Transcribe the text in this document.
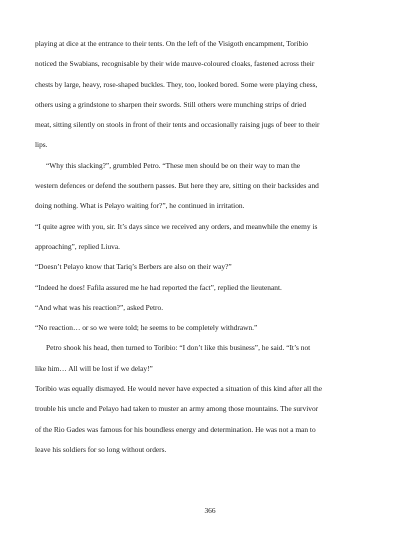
playing at dice at the entrance to their tents. On the left of the Visigoth encampment, Toribio
noticed the Swabians, recognisable by their wide mauve-coloured cloaks, fastened across their
chests by large, heavy, rose-shaped buckles. They, too, looked bored. Some were playing chess,
others using a grindstone to sharpen their swords. Still others were munching strips of dried
meat, sitting silently on stools in front of their tents and occasionally raising jugs of beer to their
lips.

“Why this slacking?”, grumbled Petro. “These men should be on their way to man the
western defences or defend the southern passes. But here they are, sitting on their backsides and
doing nothing. What is Pelayo waiting for?”, he continued in irritation.

“I quite agree with you, sir. It’s days since we received any orders, and meanwhile the enemy is
approaching”, replied Liuva.

“Doesn’t Pelayo know that Tariq’s Berbers are also on their way?”

“Indeed he does! Fafila assured me he had reported the fact”, replied the lieutenant.

“And what was his reaction?”, asked Petro.

“No reaction… or so we were told; he seems to be completely withdrawn.”

Petro shook his head, then turned to Toribio: “I don’t like this business”, he said. “It’s not
like him… All will be lost if we delay!”

Toribio was equally dismayed. He would never have expected a situation of this kind after all the
trouble his uncle and Pelayo had taken to muster an army among those mountains. The survivor
of the Rio Gades was famous for his boundless energy and determination. He was not a man to
leave his soldiers for so long without orders.

366
